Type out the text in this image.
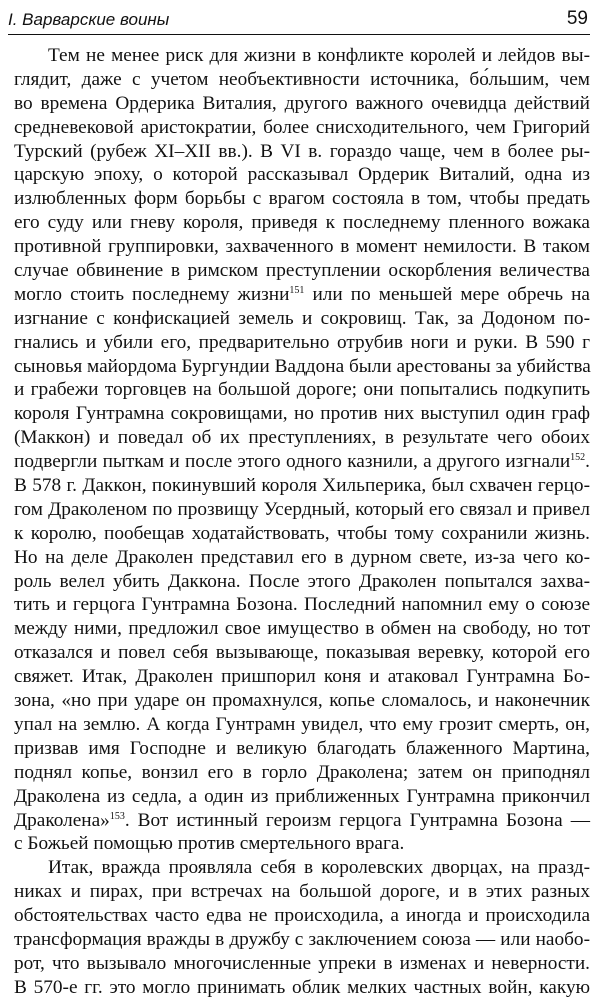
I. Варварские воины	59
Тем не менее риск для жизни в конфликте королей и лейдов вы-
глядит, даже с учетом необъективности источника, бо́льшим, чем
во времена Ордерика Виталия, другого важного очевидца действий
средневековой аристократии, более снисходительного, чем Григорий
Турский (рубеж XI–XII вв.). В VI в. гораздо чаще, чем в более ры-
царскую эпоху, о которой рассказывал Ордерик Виталий, одна из
излюбленных форм борьбы с врагом состояла в том, чтобы предать
его суду или гневу короля, приведя к последнему пленного вожака
противной группировки, захваченного в момент немилости. В таком
случае обвинение в римском преступлении оскорбления величества
могло стоить последнему жизни$^{151}$ или по меньшей мере обречь на
изгнание с конфискацией земель и сокровищ. Так, за Додоном по-
гнались и убили его, предварительно отрубив ноги и руки. В 590 г
сыновья майордома Бургундии Ваддона были арестованы за убийства
и грабежи торговцев на большой дороге; они попытались подкупить
короля Гунтрамна сокровищами, но против них выступил один граф
(Маккон) и поведал об их преступлениях, в результате чего обоих
подвергли пыткам и после этого одного казнили, а другого изгнали$^{152}$.
В 578 г. Даккон, покинувший короля Хильперика, был схвачен герцо-
гом Драколеном по прозвищу Усердный, который его связал и привел
к королю, пообещав ходатайствовать, чтобы тому сохранили жизнь.
Но на деле Драколен представил его в дурном свете, из-за чего ко-
роль велел убить Даккона. После этого Драколен попытался захва-
тить и герцога Гунтрамна Бозона. Последний напомнил ему о союзе
между ними, предложил свое имущество в обмен на свободу, но тот
отказался и повел себя вызывающе, показывая веревку, которой его
свяжет. Итак, Драколен пришпорил коня и атаковал Гунтрамна Бо-
зона, «но при ударе он промахнулся, копье сломалось, и наконечник
упал на землю. А когда Гунтрамн увидел, что ему грозит смерть, он,
призвав имя Господне и великую благодать блаженного Мартина,
поднял копье, вонзил его в горло Драколена; затем он приподнял
Драколена из седла, а один из приближенных Гунтрамна прикончил
Драколена»$^{153}$. Вот истинный героизм герцога Гунтрамна Бозона —
с Божьей помощью против смертельного врага.
Итак, вражда проявляла себя в королевских дворцах, на празд-
никах и пирах, при встречах на большой дороге, и в этих разных
обстоятельствах часто едва не происходила, а иногда и происходила
трансформация вражды в дружбу с заключением союза — или наобо-
рот, что вызывало многочисленные упреки в изменах и неверности.
В 570-е гг. это могло принимать облик мелких частных войн, какую
